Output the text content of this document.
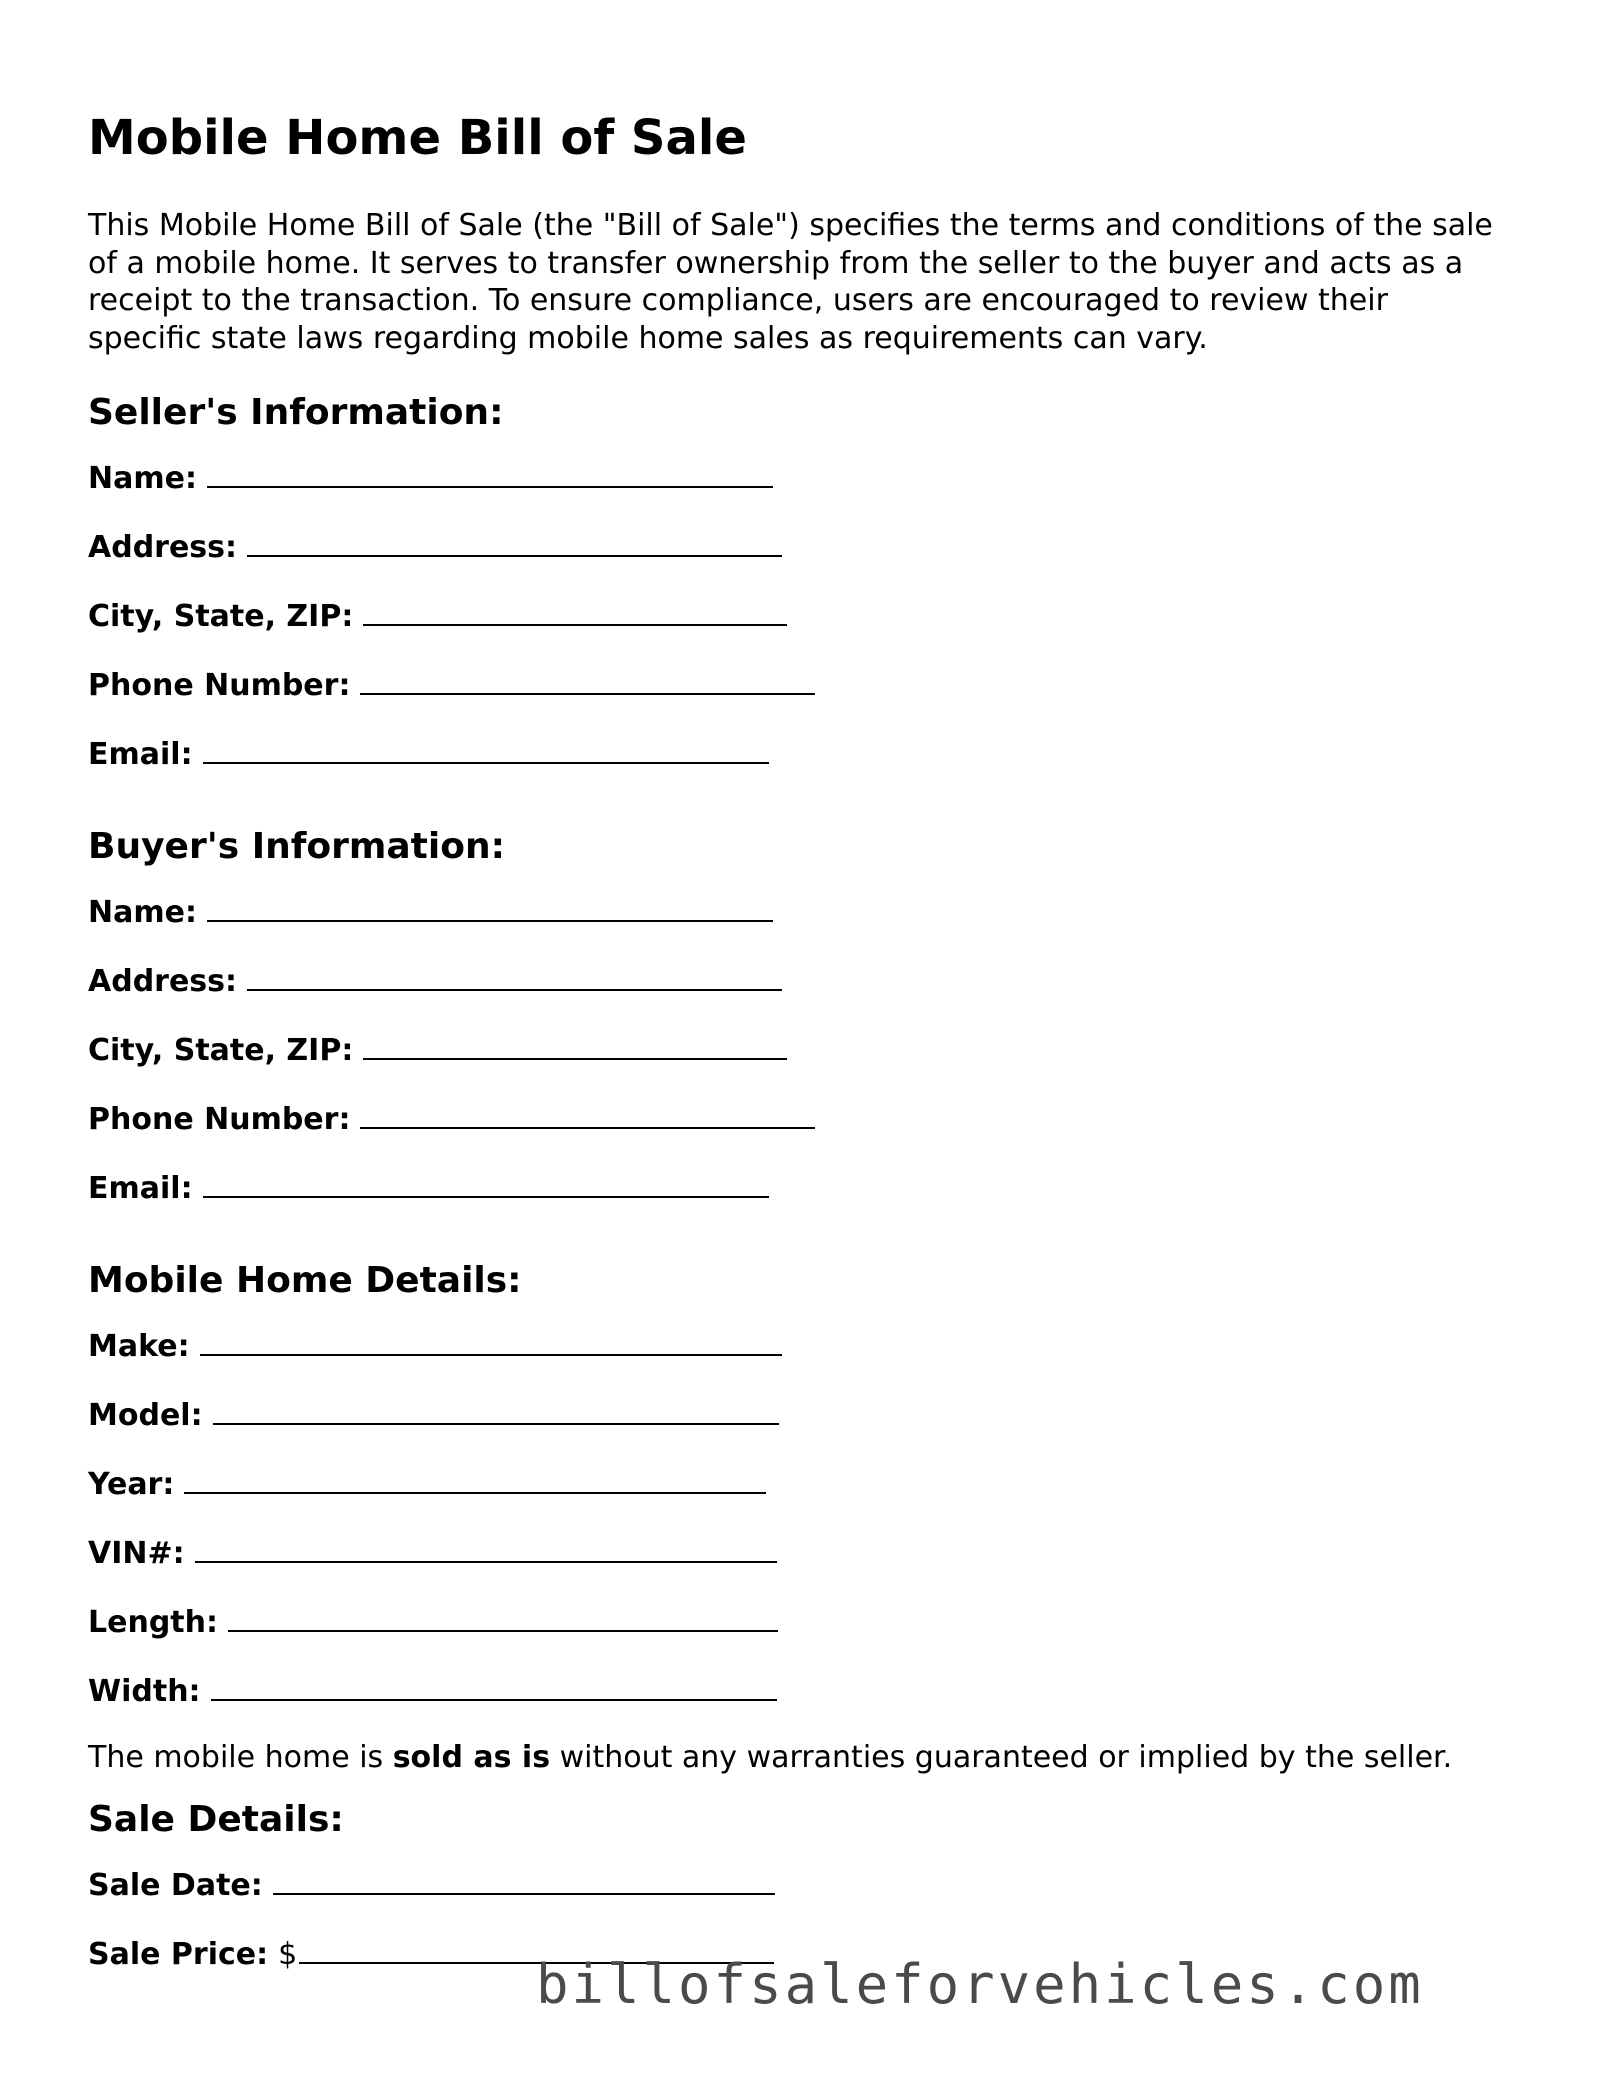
Mobile Home Bill of Sale
This Mobile Home Bill of Sale (the "Bill of Sale") specifies the terms and conditions of the sale of a mobile home. It serves to transfer ownership from the seller to the buyer and acts as a receipt to the transaction. To ensure compliance, users are encouraged to review their specific state laws regarding mobile home sales as requirements can vary.
Seller's Information:
Name:
Address:
City, State, ZIP:
Phone Number:
Email:
Buyer's Information:
Name:
Address:
City, State, ZIP:
Phone Number:
Email:
Mobile Home Details:
Make:
Model:
Year:
VIN#:
Length:
Width:
The mobile home is sold as is without any warranties guaranteed or implied by the seller.
Sale Details:
Sale Date:
Sale Price: $	billofsaleforvehicles.com
